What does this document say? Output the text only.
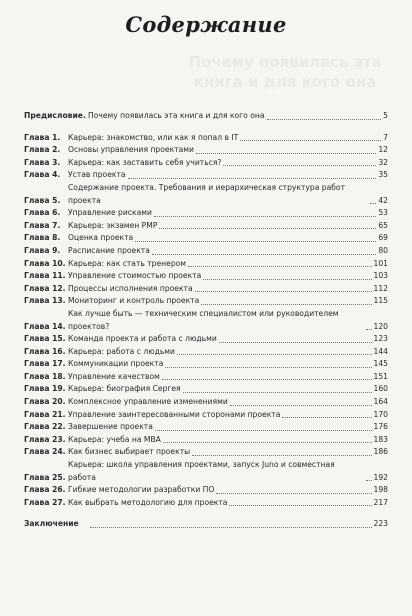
Почему появилась эта книга и для кого она
Содержание
Предисловие. Почему появилась эта книга и для кого она	5
Глава 1.	Карьера: знакомство, или как я попал в IT	7
Глава 2.	Основы управления проектами	12
Глава 3.	Карьера: как заставить себя учиться?	32
Глава 4.	Устав проекта	35
Глава 5.
Содержание проекта. Требования и иерархическая структура работ проекта	42
Глава 6.	Управление рисками	53
Глава 7.	Карьера: экзамен PMP	65
Глава 8.	Оценка проекта	69
Глава 9.	Расписание проекта	80
Глава 10. Карьера: как стать тренером	101
Глава 11. Управление стоимостью проекта	103
Глава 12. Процессы исполнения проекта	112
Глава 13. Мониторинг и контроль проекта	115
Глава 14.
Как лучше быть — техническим специалистом или руководителем проектов?	120
Глава 15. Команда проекта и работа с людьми	123
Глава 16. Карьера: работа с людьми	144
Глава 17. Коммуникации проекта	145
Глава 18. Управление качеством	151
Глава 19. Карьера: биография Сергея	160
Глава 20. Комплексное управление изменениями	164
Глава 21. Управление заинтересованными сторонами проекта	170
Глава 22. Завершение проекта	176
Глава 23. Карьера: учеба на MBA	183
Глава 24. Как бизнес выбирает проекты	186
Глава 25.
Карьера: школа управления проектами, запуск Juno и совместная работа	192
Глава 26. Гибкие методологии разработки ПО	198
Глава 27. Как выбрать методологию для проекта	217
Заключение	223
